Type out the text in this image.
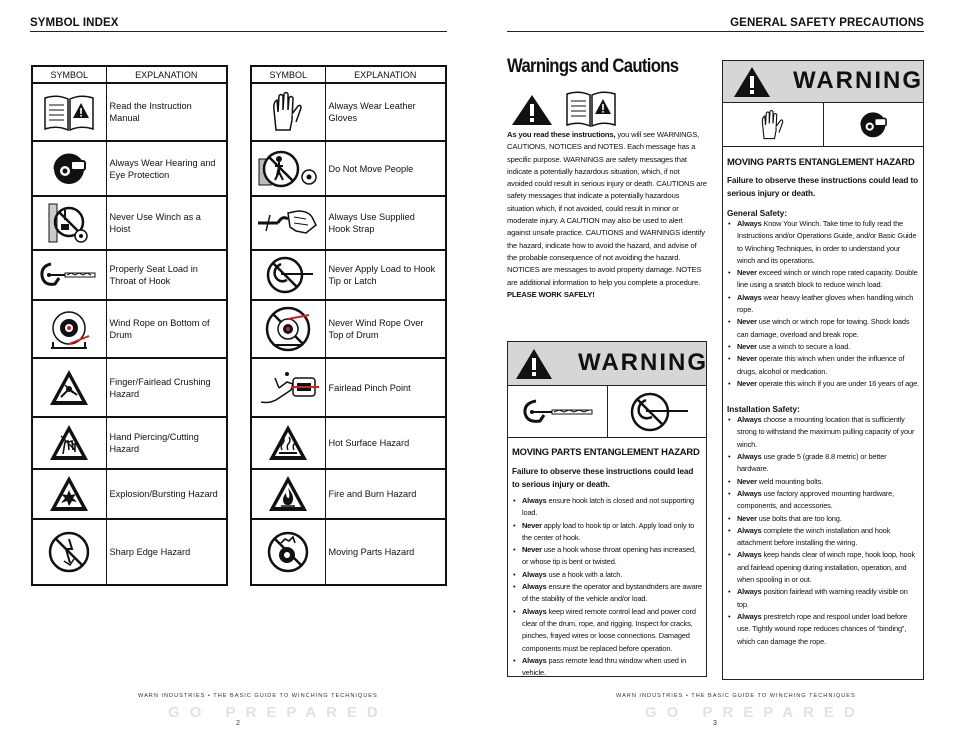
SYMBOL INDEX	GENERAL SAFETY PRECAUTIONS
SYMBOL	EXPLANATION

	Read the Instruction Manual

	Always Wear Hearing and Eye Protection

	Never Use Winch as a Hoist

	Properly Seat Load in Throat of Hook

	Wind Rope on Bottom of Drum

	Finger/Fairlead Crushing Hazard

	Hand Piercing/Cutting Hazard

	Explosion/Bursting Hazard

	Sharp Edge Hazard
SYMBOL	EXPLANATION

	Always Wear Leather Gloves

	Do Not Move People

	Always Use Supplied Hook Strap

	Never Apply Load to Hook Tip or Latch

	Never Wind Rope Over Top of Drum

	Fairlead Pinch Point

	Hot Surface Hazard

	Fire and Burn Hazard

	Moving Parts Hazard
Warnings and Cautions
As you read these instructions, you will see WARNINGS, CAUTIONS, NOTICES and NOTES. Each message has a specific purpose. WARNINGS are safety messages that indicate a potentially hazardous situation, which, if not avoided could result in serious injury or death. CAUTIONS are safety messages that indicate a potentially hazardous situation which, if not avoided, could result in minor or moderate injury. A CAUTION may also be used to alert against unsafe practice. CAUTIONS and WARNINGS identify the hazard, indicate how to avoid the hazard, and advise of the probable consequence of not avoiding the hazard. NOTICES are messages to avoid property damage. NOTES are additional information to help you complete a procedure. PLEASE WORK SAFELY!
WARNING
MOVING PARTS ENTANGLEMENT HAZARD
Failure to observe these instructions could lead to serious injury or death.
• Always ensure hook latch is closed and not supporting load.
• Never apply load to hook tip or latch. Apply load only to the center of hook.
• Never use a hook whose throat opening has increased, or whose tip is bent or twisted.
• Always use a hook with a latch.
• Always ensure the operator and bystandnders are aware of the stability of the vehicle and/or load.
• Always keep wired remote control lead and power cord clear of the drum, rope, and rigging. Inspect for cracks, pinches, frayed wires or loose connections. Damaged components must be replaced before operation.
• Always pass remote lead thru window when used in vehicle.
WARNING
MOVING PARTS ENTANGLEMENT HAZARD
Failure to observe these instructions could lead to serious injury or death.
General Safety:
• Always Know Your Winch. Take time to fully read the Instructions and/or Operations Guide, and/or Basic Guide to Winching Techniques, in order to understand your winch and its operations.
• Never exceed winch or winch rope rated capacity. Double line using a snatch block to reduce winch load.
• Always wear heavy leather gloves when handling winch rope.
• Never use winch or winch rope for towing. Shock loads can damage, overload and break rope.
• Never use a winch to secure a load.
• Never operate this winch when under the influence of drugs, alcohol or medication.
• Never operate this winch if you are under 16 years of age.
Installation Safety:
• Always choose a mounting location that is sufficiently strong to withstand the maximum pulling capacity of your winch.
• Always use grade 5 (grade 8.8 metric) or better hardware.
• Never weld mounting bolts.
• Always use factory approved mounting hardware, components, and accessories.
• Never use bolts that are too long.
• Always complete the winch installation and hook attachment before installing the wiring.
• Always keep hands clear of winch rope, hook loop, hook and fairlead opening during installation, operation, and when spooling in or out.
• Always position fairlead with warning readily visible on top.
• Always prestretch rope and respool under load before use. Tightly wound rope reduces chances of “binding”, which can damage the rope.
WARN INDUSTRIES • THE BASIC GUIDE TO WINCHING TECHNIQUES
GO PREPARED
2
WARN INDUSTRIES • THE BASIC GUIDE TO WINCHING TECHNIQUES
GO PREPARED
3
